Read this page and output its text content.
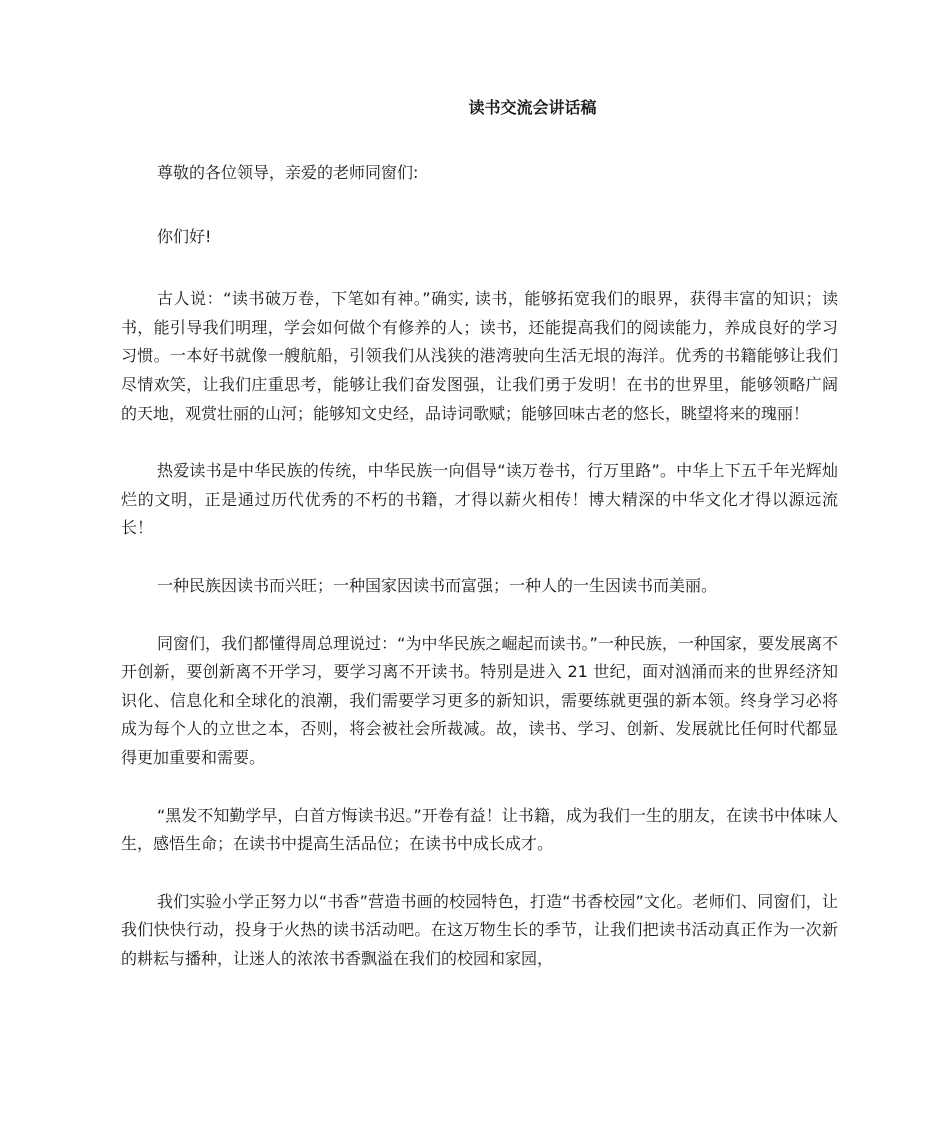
读书交流会讲话稿

尊敬的各位领导，亲爱的老师同窗们:

你们好!

古人说：“读书破万卷，下笔如有神。”确实, 读书，能够拓宽我们的眼界，获得丰富的知识；读书，能引导我们明理，学会如何做个有修养的人；读书，还能提高我们的阅读能力，养成良好的学习习惯。一本好书就像一艘航船，引领我们从浅狭的港湾驶向生活无垠的海洋。优秀的书籍能够让我们尽情欢笑，让我们庄重思考，能够让我们奋发图强，让我们勇于发明！在书的世界里，能够领略广阔的天地，观赏壮丽的山河；能够知文史经，品诗词歌赋；能够回味古老的悠长，眺望将来的瑰丽！

热爱读书是中华民族的传统，中华民族一向倡导“读万卷书，行万里路”。中华上下五千年光辉灿烂的文明，正是通过历代优秀的不朽的书籍，才得以薪火相传！博大精深的中华文化才得以源远流长！

一种民族因读书而兴旺；一种国家因读书而富强；一种人的一生因读书而美丽。

同窗们，我们都懂得周总理说过：“为中华民族之崛起而读书。”一种民族，一种国家，要发展离不开创新，要创新离不开学习，要学习离不开读书。特别是进入 21 世纪，面对汹涌而来的世界经济知识化、信息化和全球化的浪潮，我们需要学习更多的新知识，需要练就更强的新本领。终身学习必将成为每个人的立世之本，否则，将会被社会所裁减。故，读书、学习、创新、发展就比任何时代都显得更加重要和需要。

“黑发不知勤学早，白首方悔读书迟。”开卷有益！让书籍，成为我们一生的朋友，在读书中体味人生，感悟生命；在读书中提高生活品位；在读书中成长成才。

我们实验小学正努力以“书香”营造书画的校园特色，打造“书香校园”文化。老师们、同窗们，让我们快快行动，投身于火热的读书活动吧。在这万物生长的季节，让我们把读书活动真正作为一次新的耕耘与播种，让迷人的浓浓书香飘溢在我们的校园和家园，
